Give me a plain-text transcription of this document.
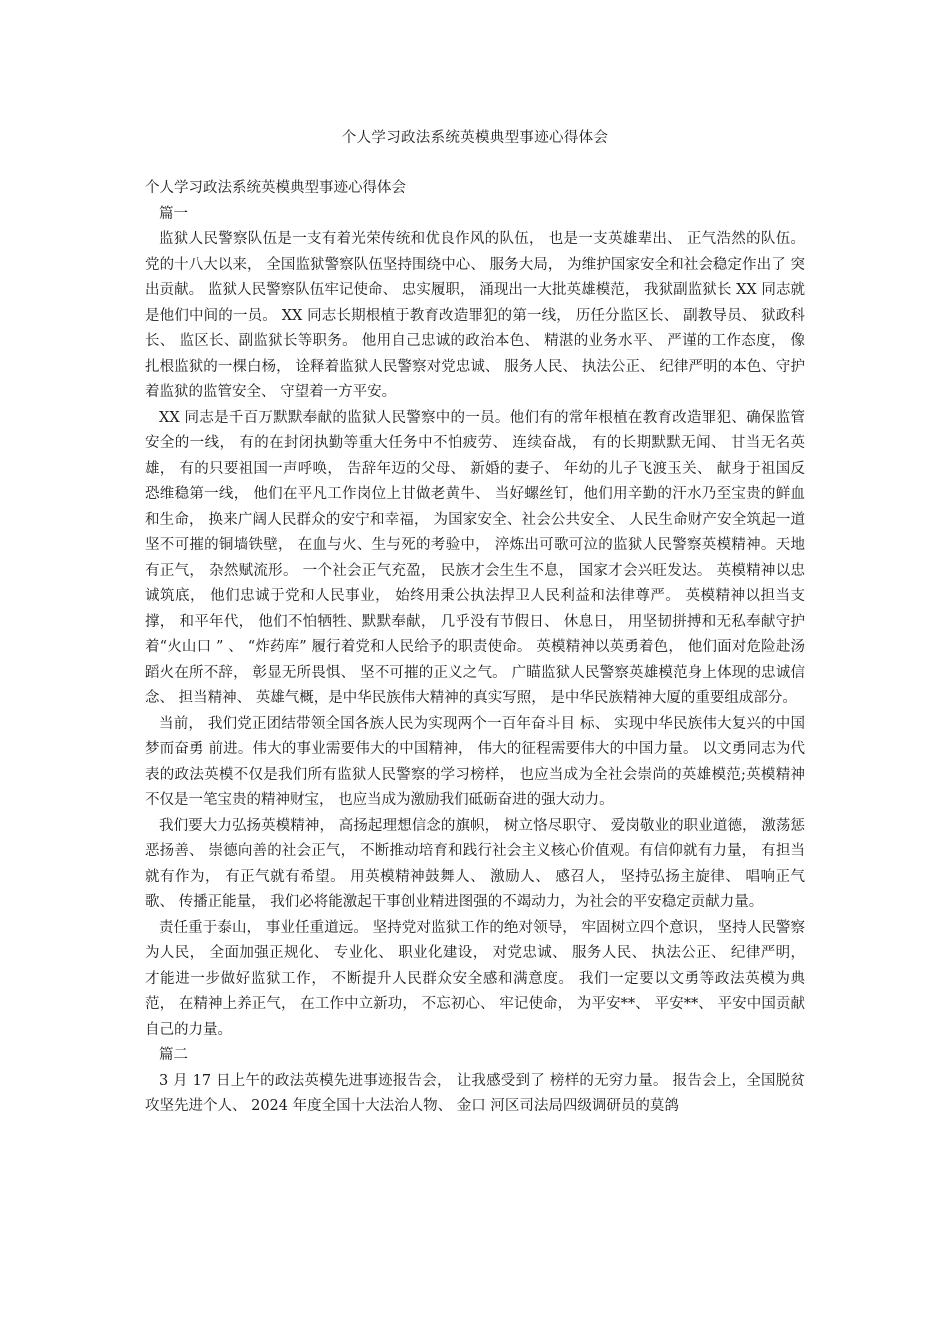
个人学习政法系统英模典型事迹心得体会

个人学习政法系统英模典型事迹心得体会

篇一

监狱人民警察队伍是一支有着光荣传统和优良作风的队伍， 也是一支英雄辈出、 正气浩然的队伍。 党的十八大以来， 全国监狱警察队伍坚持围绕中心、 服务大局， 为维护国家安全和社会稳定作出了 突出贡献。 监狱人民警察队伍牢记使命、 忠实履职， 涌现出一大批英雄模范， 我狱副监狱长 XX 同志就是他们中间的一员。 XX 同志长期根植于教育改造罪犯的第一线， 历任分监区长、 副教导员、 狱政科长、 监区长、副监狱长等职务。 他用自己忠诚的政治本色、 精湛的业务水平、 严谨的工作态度， 像扎根监狱的一棵白杨， 诠释着监狱人民警察对党忠诚、 服务人民、 执法公正、 纪律严明的本色、守护着监狱的监管安全、 守望着一方平安。

XX 同志是千百万默默奉献的监狱人民警察中的一员。他们有的常年根植在教育改造罪犯、确保监管安全的一线， 有的在封闭执勤等重大任务中不怕疲劳、 连续奋战， 有的长期默默无闻、 甘当无名英雄， 有的只要祖国一声呼唤， 告辞年迈的父母、 新婚的妻子、 年幼的儿子飞渡玉关、 献身于祖国反恐维稳第一线， 他们在平凡工作岗位上甘做老黄牛、 当好螺丝钉，他们用辛勤的汗水乃至宝贵的鲜血和生命， 换来广阔人民群众的安宁和幸福， 为国家安全、社会公共安全、 人民生命财产安全筑起一道坚不可摧的铜墙铁壁， 在血与火、生与死的考验中， 淬炼出可歌可泣的监狱人民警察英模精神。天地有正气， 杂然赋流形。 一个社会正气充盈， 民族才会生生不息， 国家才会兴旺发达。 英模精神以忠诚筑底， 他们忠诚于党和人民事业， 始终用秉公执法捍卫人民利益和法律尊严。 英模精神以担当支撑， 和平年代， 他们不怕牺牲、默默奉献， 几乎没有节假日、 休息日， 用坚韧拼搏和无私奉献守护着“火山口 ” 、 “炸药库” 履行着党和人民给予的职责使命。 英模精神以英勇着色， 他们面对危险赴汤蹈火在所不辞， 彰显无所畏惧、 坚不可摧的正义之气。 广瞄监狱人民警察英雄模范身上体现的忠诚信念、 担当精神、 英雄气概，是中华民族伟大精神的真实写照， 是中华民族精神大厦的重要组成部分。

当前， 我们党正团结带领全国各族人民为实现两个一百年奋斗目 标、 实现中华民族伟大复兴的中国梦而奋勇 前进。伟大的事业需要伟大的中国精神， 伟大的征程需要伟大的中国力量。 以文勇同志为代表的政法英模不仅是我们所有监狱人民警察的学习榜样， 也应当成为全社会崇尚的英雄模范;英模精神不仅是一笔宝贵的精神财宝， 也应当成为激励我们砥砺奋进的强大动力。

我们要大力弘扬英模精神， 高扬起理想信念的旗帜， 树立恪尽职守、 爱岗敬业的职业道德， 激荡惩恶扬善、 崇德向善的社会正气， 不断推动培育和践行社会主义核心价值观。有信仰就有力量， 有担当就有作为， 有正气就有希望。 用英模精神鼓舞人、 激励人、 感召人， 坚持弘扬主旋律、 唱响正气歌、 传播正能量， 我们必将能激起干事创业精进图强的不竭动力，为社会的平安稳定贡献力量。

责任重于泰山， 事业任重道远。 坚持党对监狱工作的绝对领导， 牢固树立四个意识， 坚持人民警察为人民， 全面加强正规化、 专业化、 职业化建设， 对党忠诚、 服务人民、 执法公正、 纪律严明， 才能进一步做好监狱工作， 不断提升人民群众安全感和满意度。 我们一定要以文勇等政法英模为典范， 在精神上养正气， 在工作中立新功， 不忘初心、 牢记使命， 为平安**、 平安**、 平安中国贡献自己的力量。

篇二

3 月 17 日上午的政法英模先进事迹报告会， 让我感受到了 榜样的无穷力量。 报告会上，全国脱贫攻坚先进个人、 2024 年度全国十大法治人物、 金口 河区司法局四级调研员的莫鸽
